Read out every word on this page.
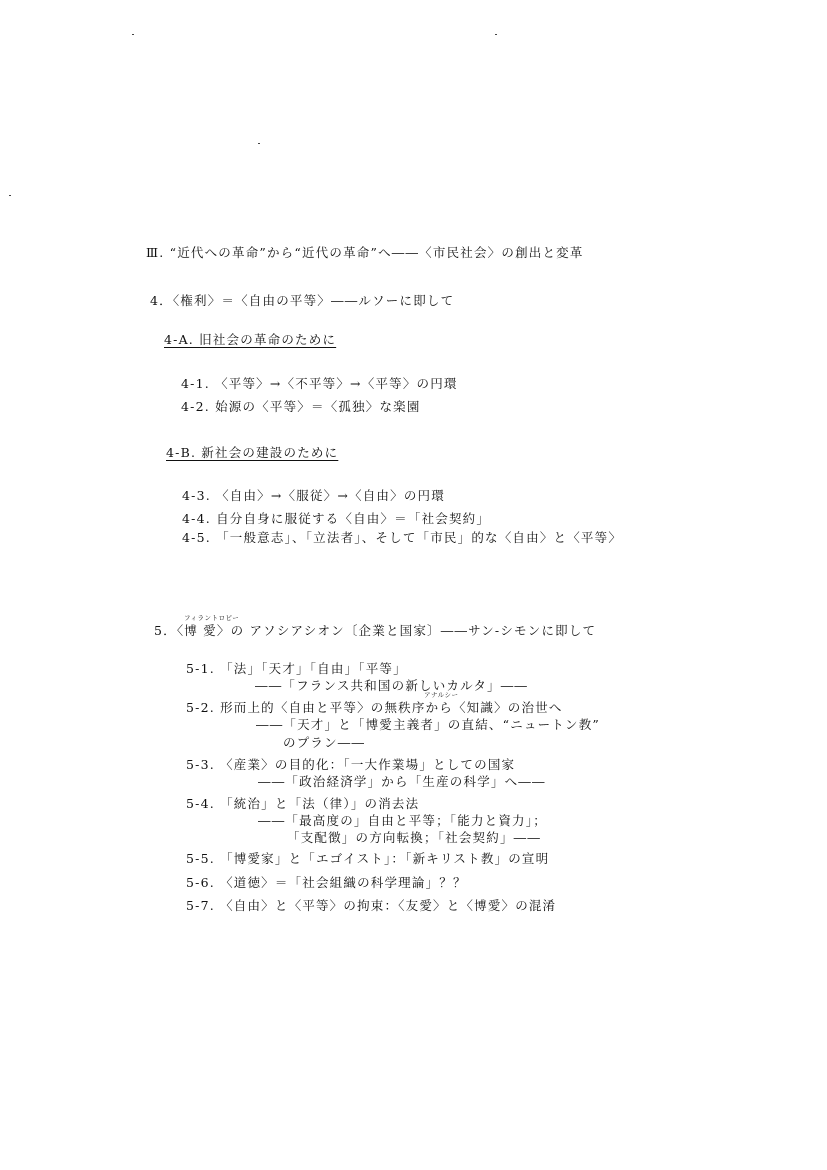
Ⅲ. “近代への革命”から“近代の革命”へ――〈市民社会〉の創出と変革
4．〈権利〉＝〈自由の平等〉――ルソーに即して
4-A. 旧社会の革命のために
4-1. 〈平等〉→〈不平等〉→〈平等〉の円環
4-2. 始源の〈平等〉＝〈孤独〉な楽園
4-B. 新社会の建設のために
4-3. 〈自由〉→〈服従〉→〈自由〉の円環
4-4. 自分自身に服従する〈自由〉＝「社会契約」
4-5. 「一般意志」、「立法者」、そして「市民」的な〈自由〉と〈平等〉
フィラントロピー
5．〈博 愛〉の アソシアシオン〔企業と国家〕――サン-シモンに即して
5-1. 「法」「天才」「自由」「平等」
――「フランス共和国の新しいカルタ」――
アナルシー
5-2. 形而上的〈自由と平等〉の無秩序から〈知識〉の治世へ
――「天才」と「博愛主義者」の直結、“ニュートン教”
のプラン――
5-3. 〈産業〉の目的化：「一大作業場」としての国家
――「政治経済学」から「生産の科学」へ――
5-4. 「統治」と「法（律）」の消去法
――「最高度の」自由と平等；「能力と資力」；
「支配徴」の方向転換；「社会契約」――
5-5. 「博愛家」と「エゴイスト」：「新キリスト教」の宣明
5-6. 〈道徳〉＝「社会組織の科学理論」？？
5-7. 〈自由〉と〈平等〉の拘束：〈友愛〉と〈博愛〉の混淆
